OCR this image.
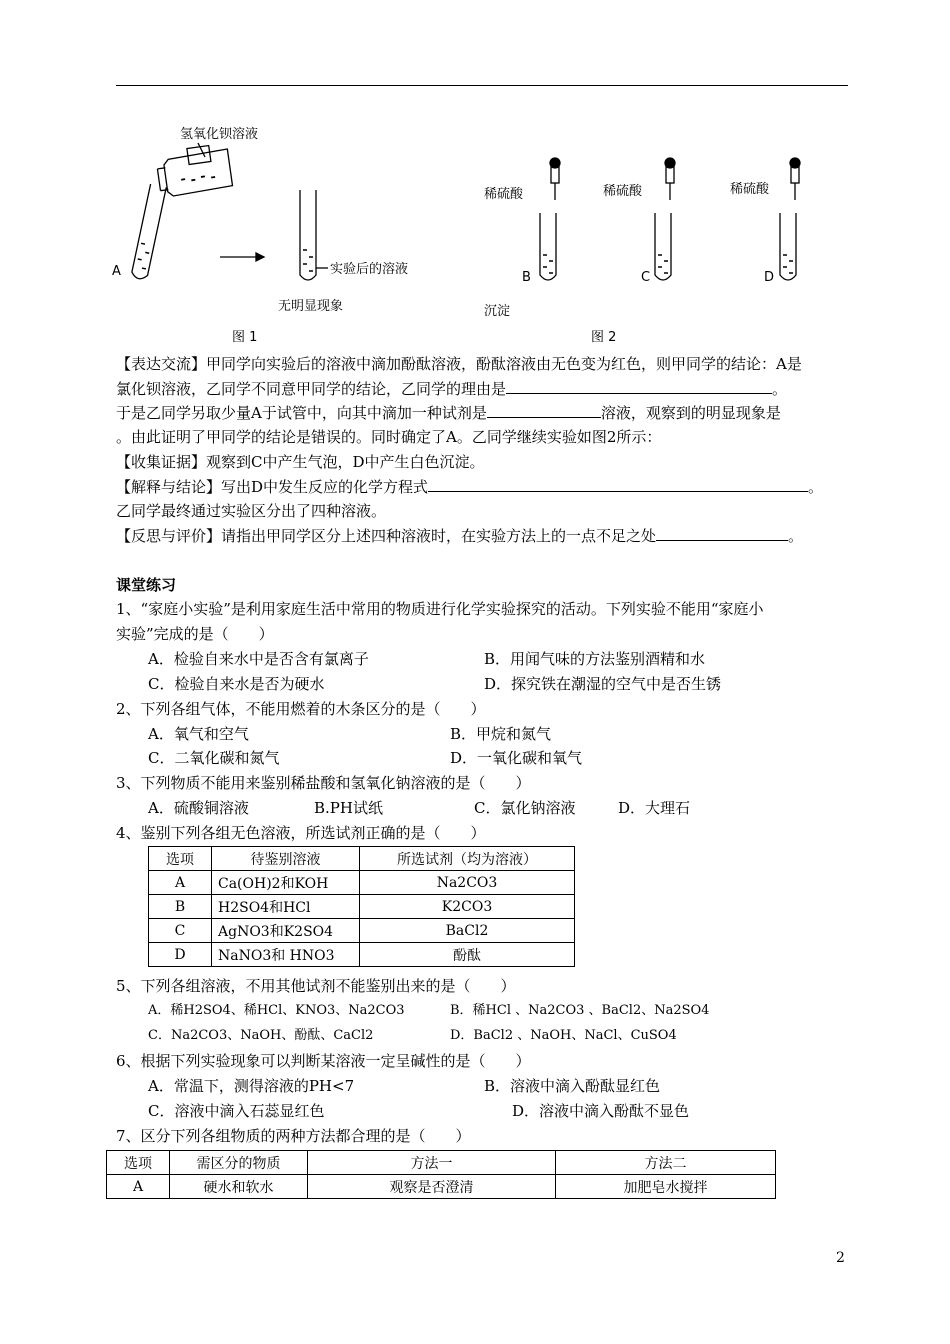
氢氧化钡溶液
A	实验后的溶液
无明显现象
稀硫酸	稀硫酸	稀硫酸
B	C	D
沉淀
图 1	图 2
【表达交流】甲同学向实验后的溶液中滴加酚酞溶液，酚酞溶液由无色变为红色，则甲同学的结论：A是
氯化钡溶液，乙同学不同意甲同学的结论，乙同学的理由是	。
于是乙同学另取少量A于试管中，向其中滴加一种试剂是	溶液，观察到的明显现象是
。由此证明了甲同学的结论是错误的。同时确定了A。乙同学继续实验如图2所示：
【收集证据】观察到C中产生气泡，D中产生白色沉淀。
【解释与结论】写出D中发生反应的化学方程式	。
乙同学最终通过实验区分出了四种溶液。
【反思与评价】请指出甲同学区分上述四种溶液时，在实验方法上的一点不足之处	。
课堂练习
1、“家庭小实验”是利用家庭生活中常用的物质进行化学实验探究的活动。下列实验不能用“家庭小
实验”完成的是（　　）
A．检验自来水中是否含有氯离子	B．用闻气味的方法鉴别酒精和水
C．检验自来水是否为硬水	D．探究铁在潮湿的空气中是否生锈
2、下列各组气体，不能用燃着的木条区分的是（　　）
A．氧气和空气	B．甲烷和氮气
C．二氧化碳和氮气	D．一氧化碳和氧气
3、下列物质不能用来鉴别稀盐酸和氢氧化钠溶液的是（　　）
A．硫酸铜溶液	B.PH试纸	C．氯化钠溶液	D．大理石
4、鉴别下列各组无色溶液，所选试剂正确的是（　　）
选项	待鉴别溶液	所选试剂（均为溶液）
A	Ca(OH)2和KOH	Na2CO3
B	H2SO4和HCl	K2CO3
C	AgNO3和K2SO4	BaCl2
D	NaNO3和 HNO3	酚酞
5、下列各组溶液，不用其他试剂不能鉴别出来的是（　　）
A．稀H2SO4、稀HCl、KNO3、Na2CO3	B．稀HCl 、Na2CO3 、BaCl2、Na2SO4
C．Na2CO3、NaOH、酚酞、CaCl2	D．BaCl2 、NaOH、NaCl、CuSO4
6、根据下列实验现象可以判断某溶液一定呈碱性的是（　　）
A．常温下，测得溶液的PH<7	B．溶液中滴入酚酞显红色
C．溶液中滴入石蕊显红色	D．溶液中滴入酚酞不显色
7、区分下列各组物质的两种方法都合理的是（　　）
选项	需区分的物质	方法一	方法二
A	硬水和软水	观察是否澄清	加肥皂水搅拌
2
